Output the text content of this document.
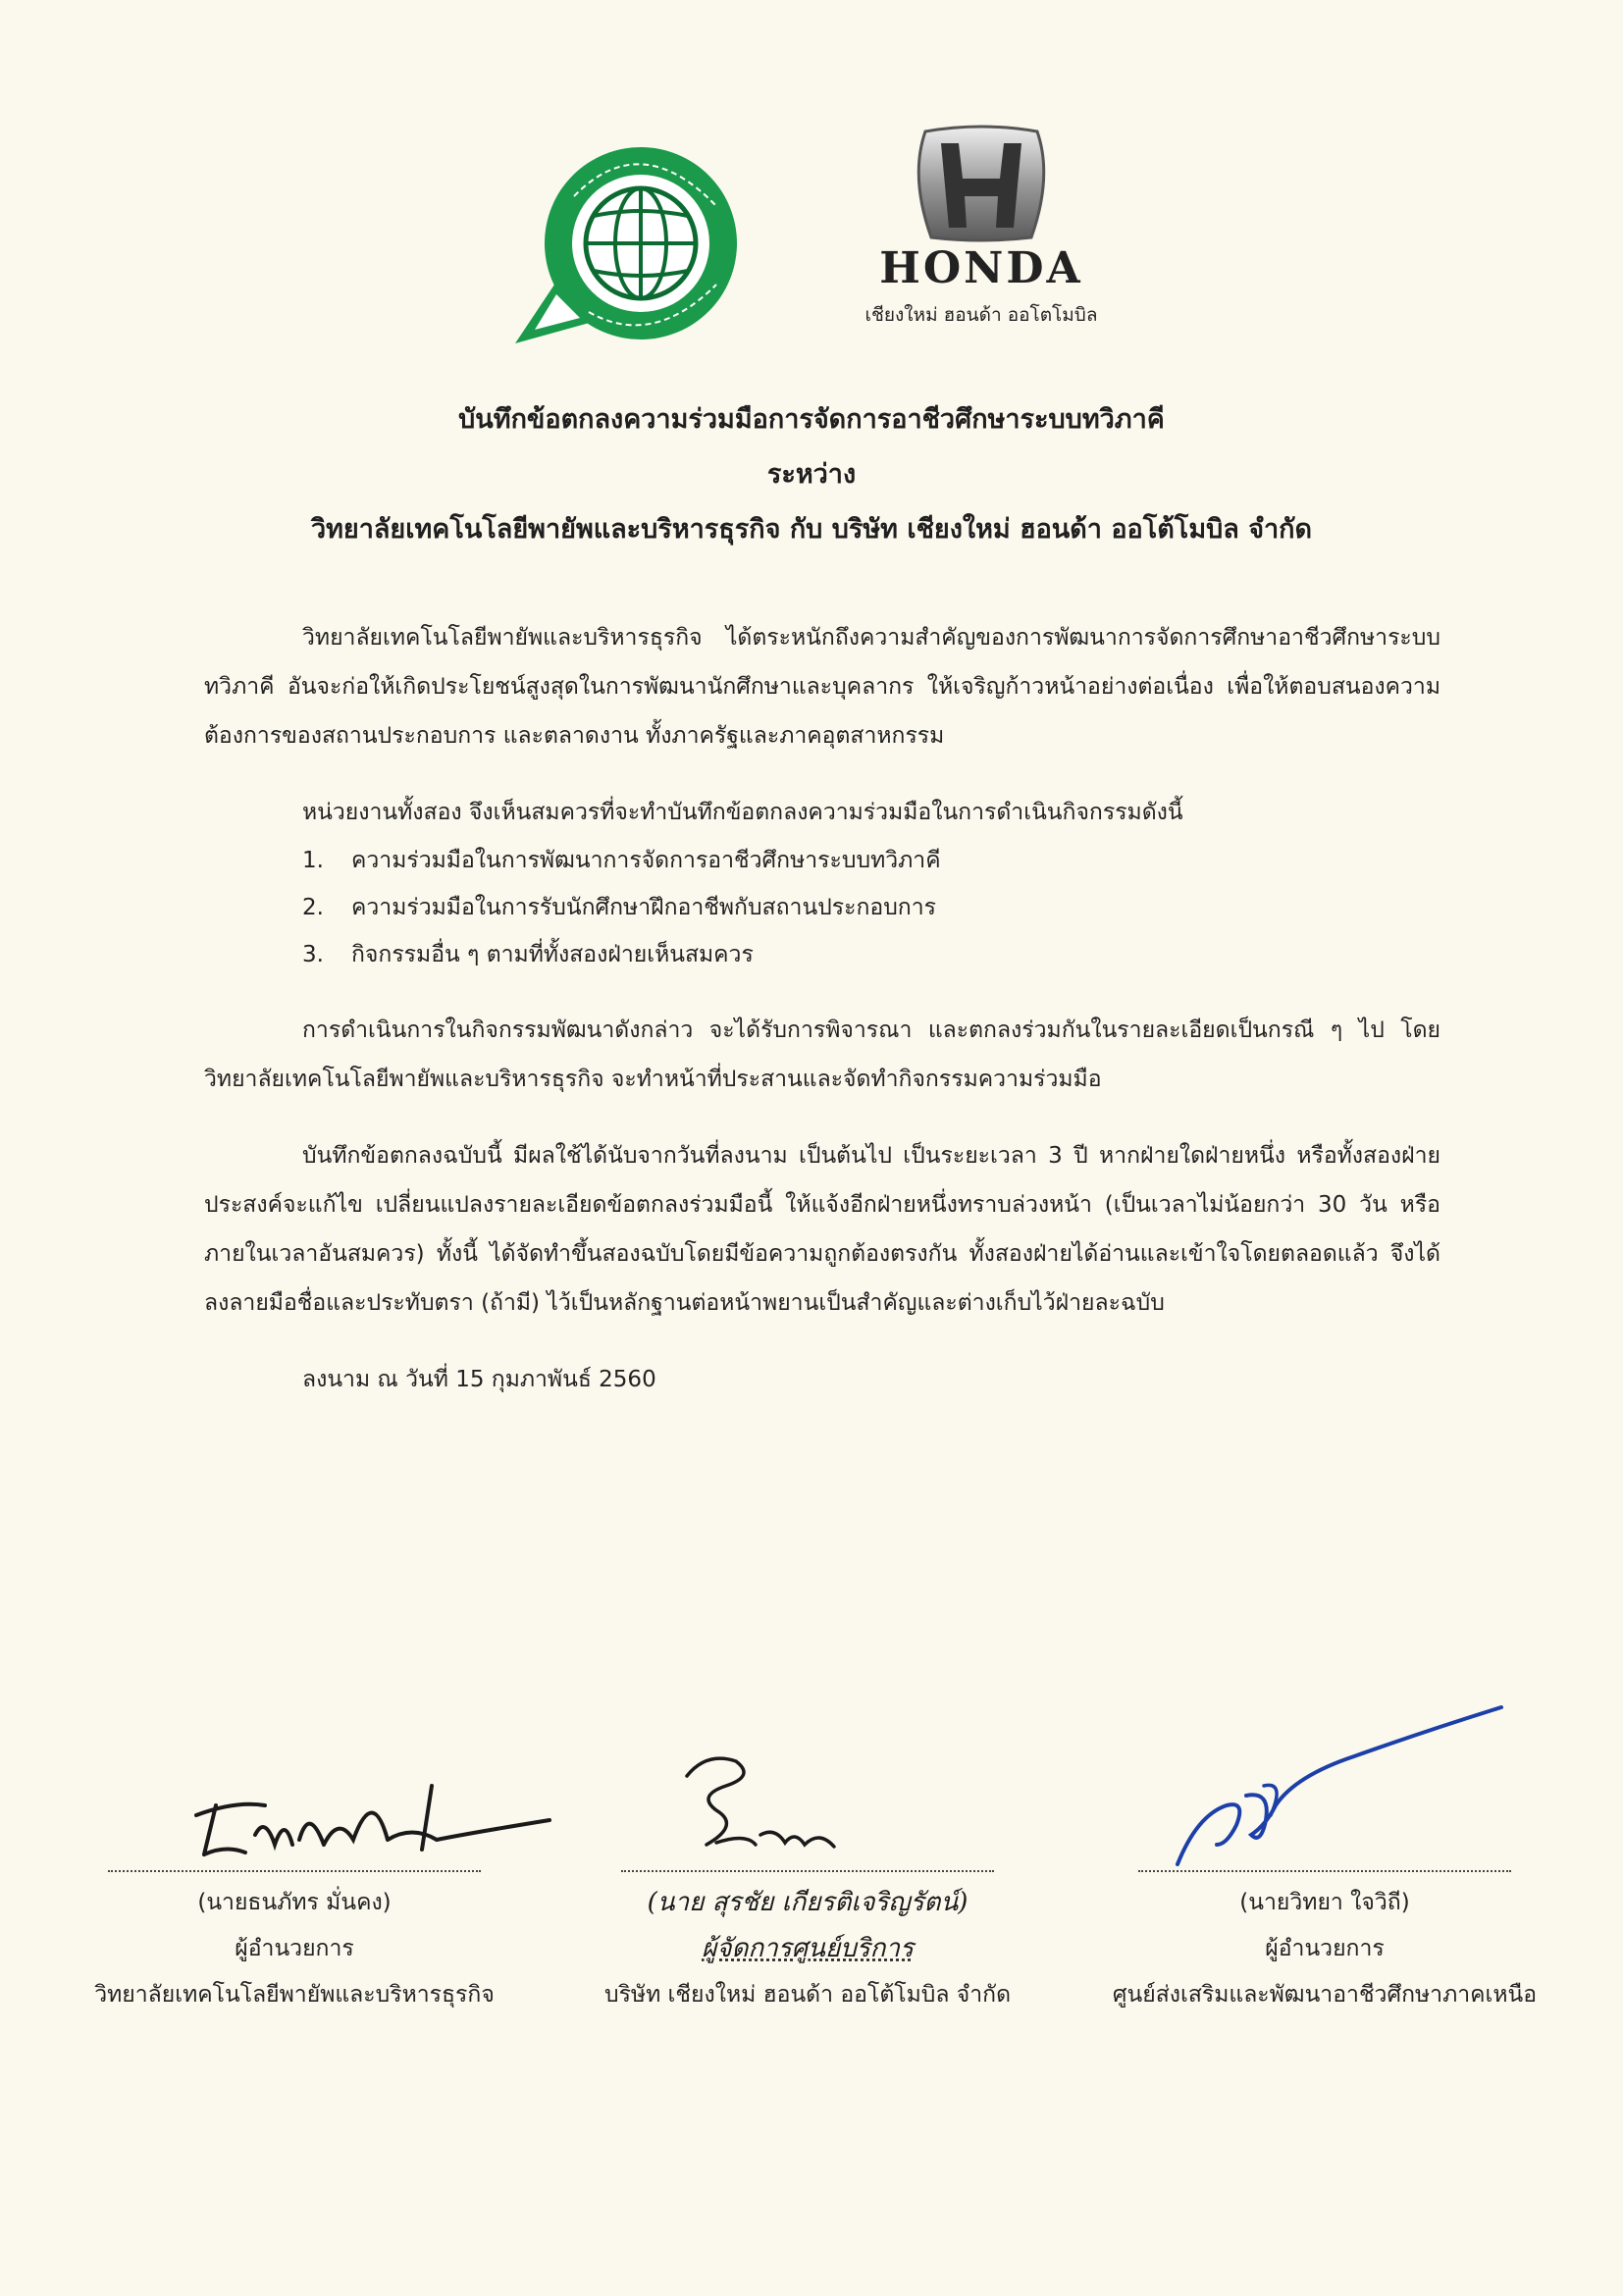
HONDA
เชียงใหม่ ฮอนด้า ออโตโมบิล
บันทึกข้อตกลงความร่วมมือการจัดการอาชีวศึกษาระบบทวิภาคี
ระหว่าง
วิทยาลัยเทคโนโลยีพายัพและบริหารธุรกิจ กับ บริษัท เชียงใหม่ ฮอนด้า ออโต้โมบิล จำกัด

วิทยาลัยเทคโนโลยีพายัพและบริหารธุรกิจ ได้ตระหนักถึงความสำคัญของการพัฒนาการจัดการศึกษาอาชีวศึกษาระบบทวิภาคี อันจะก่อให้เกิดประโยชน์สูงสุดในการพัฒนานักศึกษาและบุคลากร ให้เจริญก้าวหน้าอย่างต่อเนื่อง เพื่อให้ตอบสนองความต้องการของสถานประกอบการ และตลาดงาน ทั้งภาครัฐและภาคอุตสาหกรรม

หน่วยงานทั้งสอง จึงเห็นสมควรที่จะทำบันทึกข้อตกลงความร่วมมือในการดำเนินกิจกรรมดังนี้
1. ความร่วมมือในการพัฒนาการจัดการอาชีวศึกษาระบบทวิภาคี
2. ความร่วมมือในการรับนักศึกษาฝึกอาชีพกับสถานประกอบการ
3. กิจกรรมอื่น ๆ ตามที่ทั้งสองฝ่ายเห็นสมควร

การดำเนินการในกิจกรรมพัฒนาดังกล่าว จะได้รับการพิจารณา และตกลงร่วมกันในรายละเอียดเป็นกรณี ๆ ไป โดยวิทยาลัยเทคโนโลยีพายัพและบริหารธุรกิจ จะทำหน้าที่ประสานและจัดทำกิจกรรมความร่วมมือ

บันทึกข้อตกลงฉบับนี้ มีผลใช้ได้นับจากวันที่ลงนาม เป็นต้นไป เป็นระยะเวลา 3 ปี หากฝ่ายใดฝ่ายหนึ่ง หรือทั้งสองฝ่ายประสงค์จะแก้ไข เปลี่ยนแปลงรายละเอียดข้อตกลงร่วมมือนี้ ให้แจ้งอีกฝ่ายหนึ่งทราบล่วงหน้า (เป็นเวลาไม่น้อยกว่า 30 วัน หรือภายในเวลาอันสมควร) ทั้งนี้ ได้จัดทำขึ้นสองฉบับโดยมีข้อความถูกต้องตรงกัน ทั้งสองฝ่ายได้อ่านและเข้าใจโดยตลอดแล้ว จึงได้ลงลายมือชื่อและประทับตรา (ถ้ามี) ไว้เป็นหลักฐานต่อหน้าพยานเป็นสำคัญและต่างเก็บไว้ฝ่ายละฉบับ

ลงนาม ณ วันที่ 15 กุมภาพันธ์ 2560
(นายธนภัทร มั่นคง)
ผู้อำนวยการ
วิทยาลัยเทคโนโลยีพายัพและบริหารธุรกิจ
(นาย สุรชัย เกียรติเจริญรัตน์)
ผู้จัดการศูนย์บริการ
บริษัท เชียงใหม่ ฮอนด้า ออโต้โมบิล จำกัด
(นายวิทยา ใจวิถี)
ผู้อำนวยการ
ศูนย์ส่งเสริมและพัฒนาอาชีวศึกษาภาคเหนือ
